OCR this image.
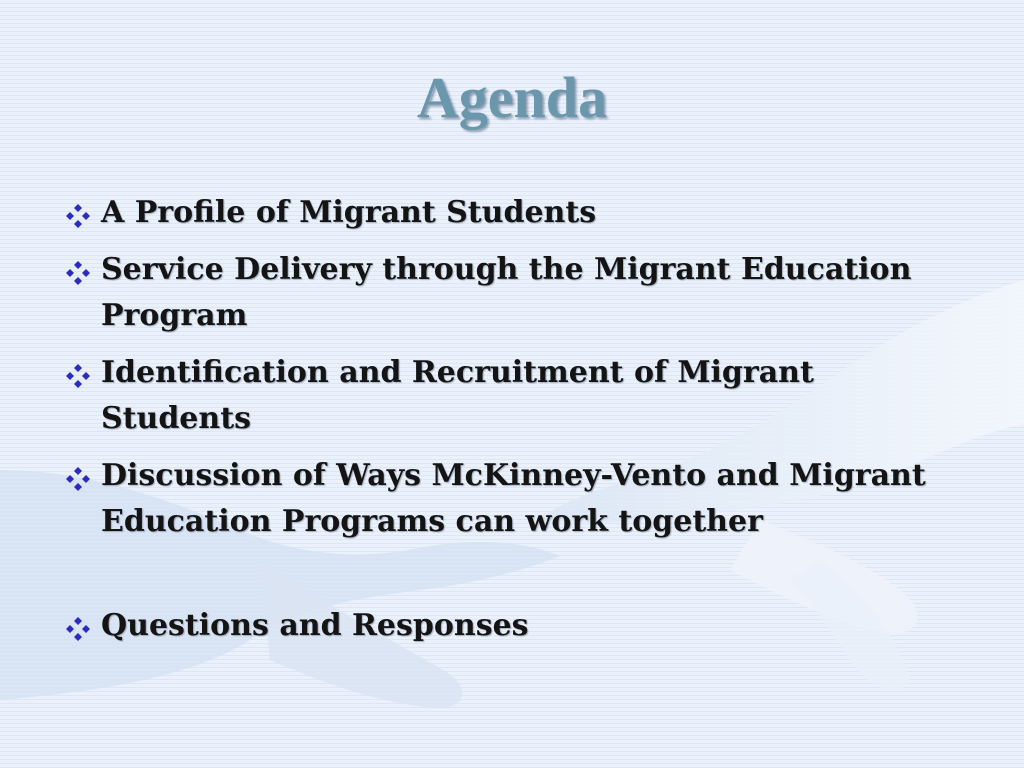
Agenda
A Profile of Migrant Students
Service Delivery through the Migrant Education Program
Identification and Recruitment of Migrant Students
Discussion of Ways McKinney-Vento and Migrant Education Programs can work together
Questions and Responses
